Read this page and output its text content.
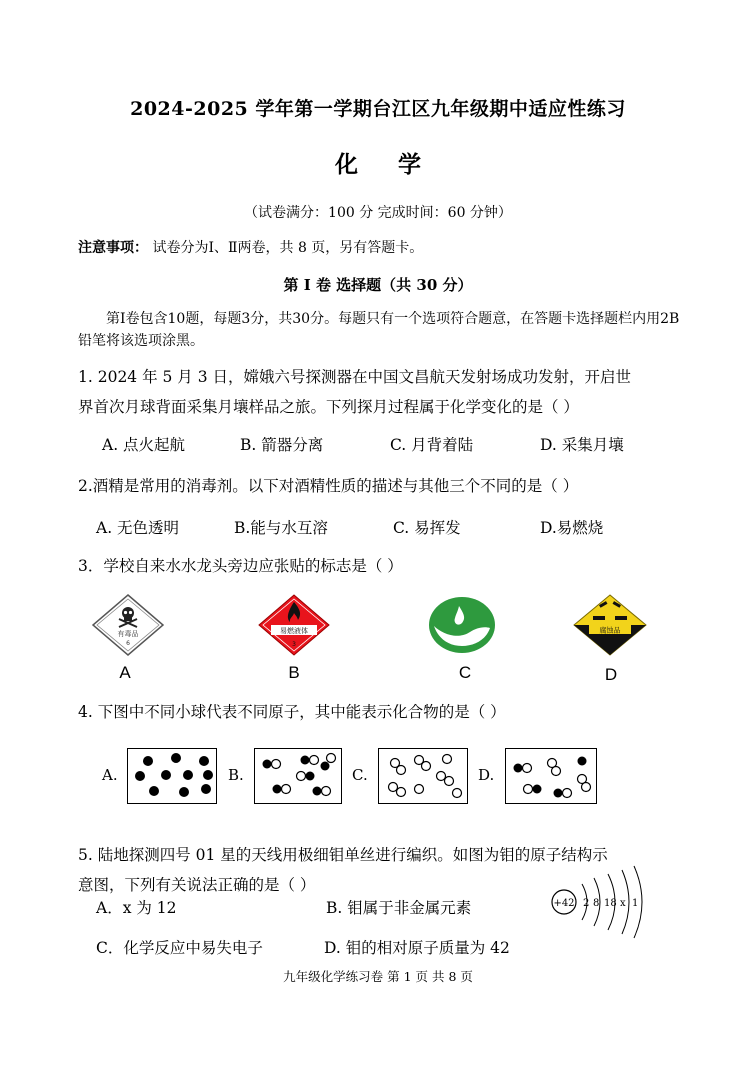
2024-2025 学年第一学期台江区九年级期中适应性练习
化学
（试卷满分：100 分 完成时间：60 分钟）
注意事项： 试卷分为Ⅰ、Ⅱ两卷，共 8 页，另有答题卡。
第 Ⅰ 卷 选择题（共 30 分）
第Ⅰ卷包含10题，每题3分，共30分。每题只有一个选项符合题意，在答题卡选择题栏内用2B铅笔将该选项涂黑。
1. 2024 年 5 月 3 日，嫦娥六号探测器在中国文昌航天发射场成功发射，开启世
界首次月球背面采集月壤样品之旅。下列探月过程属于化学变化的是（ ）
A. 点火起航	B. 箭器分离	C. 月背着陆	D. 采集月壤
2.酒精是常用的消毒剂。以下对酒精性质的描述与其他三个不同的是（ ）
A. 无色透明	B.能与水互溶	C. 易挥发	D.易燃烧
3．学校自来水水龙头旁边应张贴的标志是（ ）
有毒品
6
A
易燃液体
3
B	C
腐蚀品
D
4. 下图中不同小球代表不同原子，其中能表示化合物的是（ ）
A.	B.	C.	D.
5. 陆地探测四号 01 星的天线用极细钼单丝进行编织。如图为钼的原子结构示
意图，下列有关说法正确的是（ ）
A．x 为 12	B. 钼属于非金属元素
C．化学反应中易失电子	D. 钼的相对原子质量为 42
+42 2 8 18 x 1
九年级化学练习卷 第 1 页 共 8 页
